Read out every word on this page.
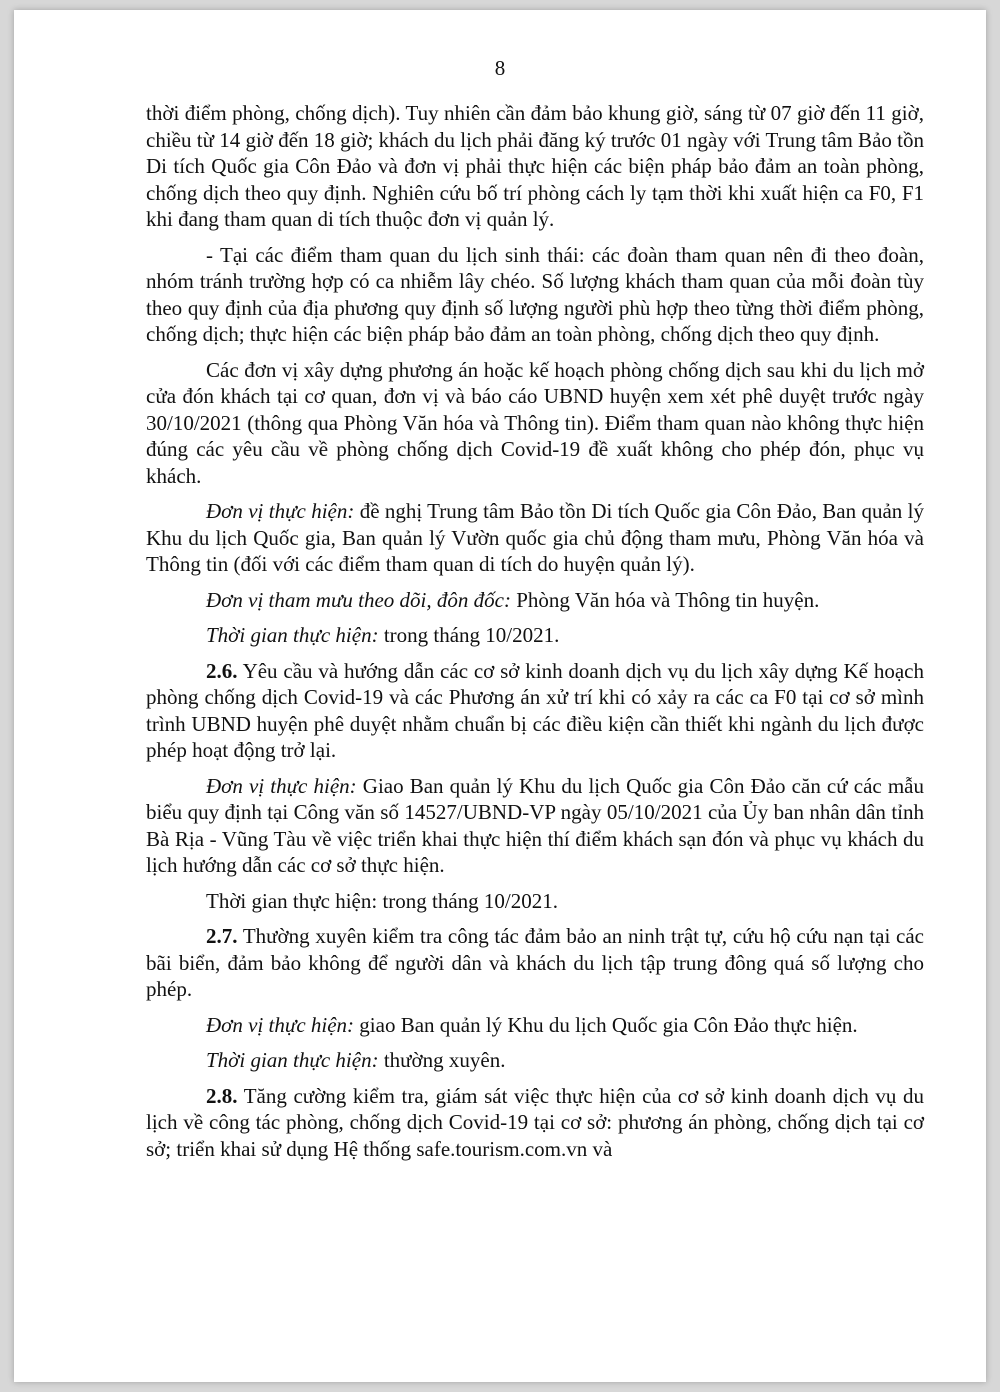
8

thời điểm phòng, chống dịch). Tuy nhiên cần đảm bảo khung giờ, sáng từ 07 giờ đến 11 giờ, chiều từ 14 giờ đến 18 giờ; khách du lịch phải đăng ký trước 01 ngày với Trung tâm Bảo tồn Di tích Quốc gia Côn Đảo và đơn vị phải thực hiện các biện pháp bảo đảm an toàn phòng, chống dịch theo quy định. Nghiên cứu bố trí phòng cách ly tạm thời khi xuất hiện ca F0, F1 khi đang tham quan di tích thuộc đơn vị quản lý.

- Tại các điểm tham quan du lịch sinh thái: các đoàn tham quan nên đi theo đoàn, nhóm tránh trường hợp có ca nhiễm lây chéo. Số lượng khách tham quan của mỗi đoàn tùy theo quy định của địa phương quy định số lượng người phù hợp theo từng thời điểm phòng, chống dịch; thực hiện các biện pháp bảo đảm an toàn phòng, chống dịch theo quy định.

Các đơn vị xây dựng phương án hoặc kế hoạch phòng chống dịch sau khi du lịch mở cửa đón khách tại cơ quan, đơn vị và báo cáo UBND huyện xem xét phê duyệt trước ngày 30/10/2021 (thông qua Phòng Văn hóa và Thông tin). Điểm tham quan nào không thực hiện đúng các yêu cầu về phòng chống dịch Covid-19 đề xuất không cho phép đón, phục vụ khách.

Đơn vị thực hiện: đề nghị Trung tâm Bảo tồn Di tích Quốc gia Côn Đảo, Ban quản lý Khu du lịch Quốc gia, Ban quản lý Vườn quốc gia chủ động tham mưu, Phòng Văn hóa và Thông tin (đối với các điểm tham quan di tích do huyện quản lý).

Đơn vị tham mưu theo dõi, đôn đốc: Phòng Văn hóa và Thông tin huyện.

Thời gian thực hiện: trong tháng 10/2021.

2.6. Yêu cầu và hướng dẫn các cơ sở kinh doanh dịch vụ du lịch xây dựng Kế hoạch phòng chống dịch Covid-19 và các Phương án xử trí khi có xảy ra các ca F0 tại cơ sở mình trình UBND huyện phê duyệt nhằm chuẩn bị các điều kiện cần thiết khi ngành du lịch được phép hoạt động trở lại.

Đơn vị thực hiện: Giao Ban quản lý Khu du lịch Quốc gia Côn Đảo căn cứ các mẫu biểu quy định tại Công văn số 14527/UBND-VP ngày 05/10/2021 của Ủy ban nhân dân tỉnh Bà Rịa - Vũng Tàu về việc triển khai thực hiện thí điểm khách sạn đón và phục vụ khách du lịch hướng dẫn các cơ sở thực hiện.

Thời gian thực hiện: trong tháng 10/2021.

2.7. Thường xuyên kiểm tra công tác đảm bảo an ninh trật tự, cứu hộ cứu nạn tại các bãi biển, đảm bảo không để người dân và khách du lịch tập trung đông quá số lượng cho phép.

Đơn vị thực hiện: giao Ban quản lý Khu du lịch Quốc gia Côn Đảo thực hiện.

Thời gian thực hiện: thường xuyên.

2.8. Tăng cường kiểm tra, giám sát việc thực hiện của cơ sở kinh doanh dịch vụ du lịch về công tác phòng, chống dịch Covid-19 tại cơ sở: phương án phòng, chống dịch tại cơ sở; triển khai sử dụng Hệ thống safe.tourism.com.vn và
